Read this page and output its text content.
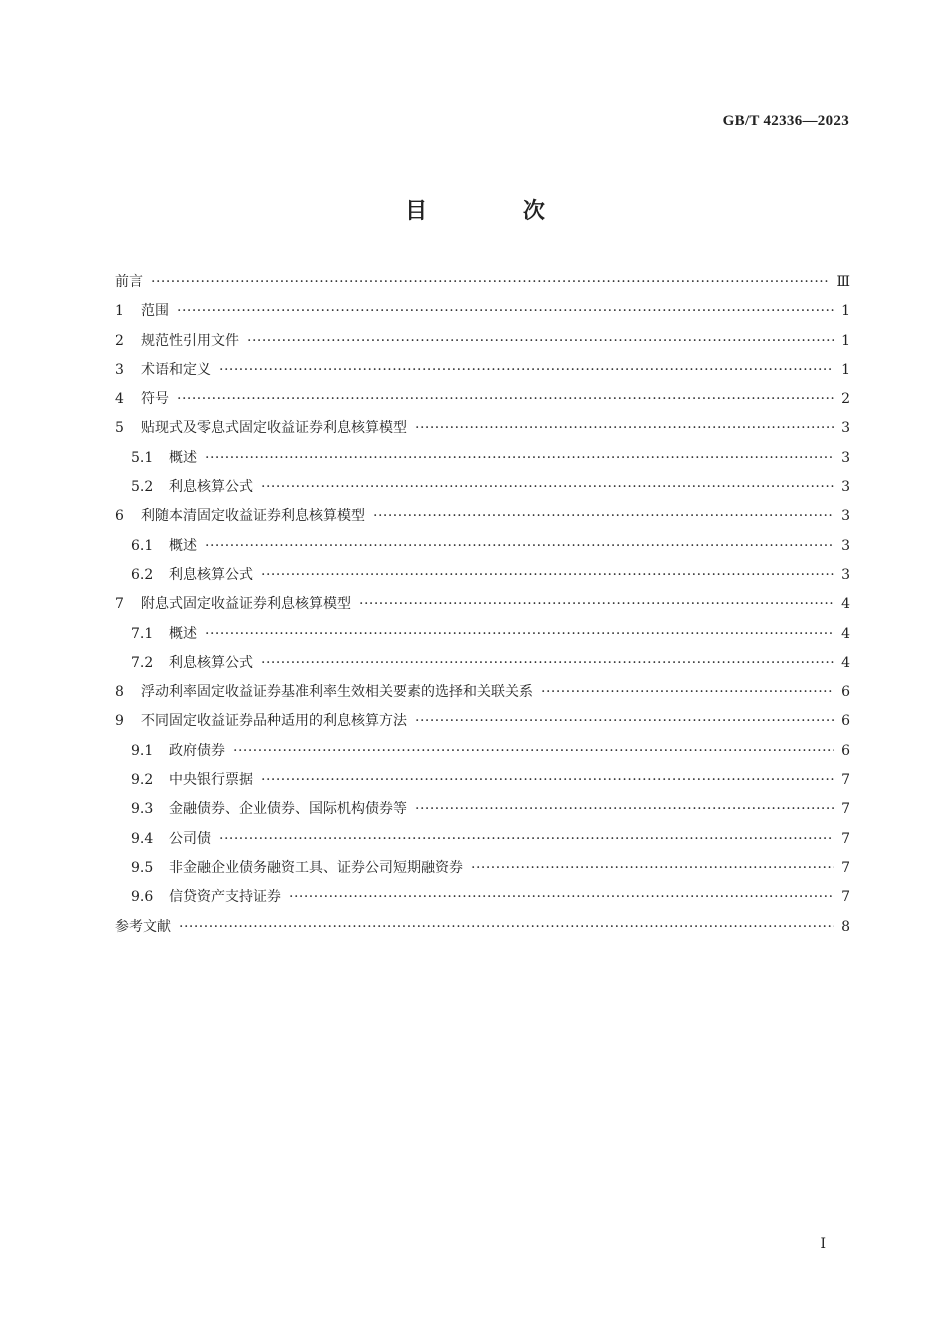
GB/T 42336—2023
目 次
前言 ·····	Ⅲ
1	范围 ·····	1
2	规范性引用文件 ·····	1
3	术语和定义 ·····	1
4	符号 ·····	2
5	贴现式及零息式固定收益证券利息核算模型 ·····	3
5.1	概述 ·····	3
5.2	利息核算公式 ·····	3
6	利随本清固定收益证券利息核算模型 ·····	3
6.1	概述 ·····	3
6.2	利息核算公式 ·····	3
7	附息式固定收益证券利息核算模型 ·····	4
7.1	概述 ·····	4
7.2	利息核算公式 ·····	4
8	浮动利率固定收益证券基准利率生效相关要素的选择和关联关系 ·····	6
9	不同固定收益证券品种适用的利息核算方法 ·····	6
9.1	政府债券 ·····	6
9.2	中央银行票据 ·····	7
9.3	金融债券、企业债券、国际机构债券等 ·····	7
9.4	公司债 ·····	7
9.5	非金融企业债务融资工具、证券公司短期融资券 ·····	7
9.6	信贷资产支持证券 ·····	7
参考文献 ·····	8
Ⅰ
